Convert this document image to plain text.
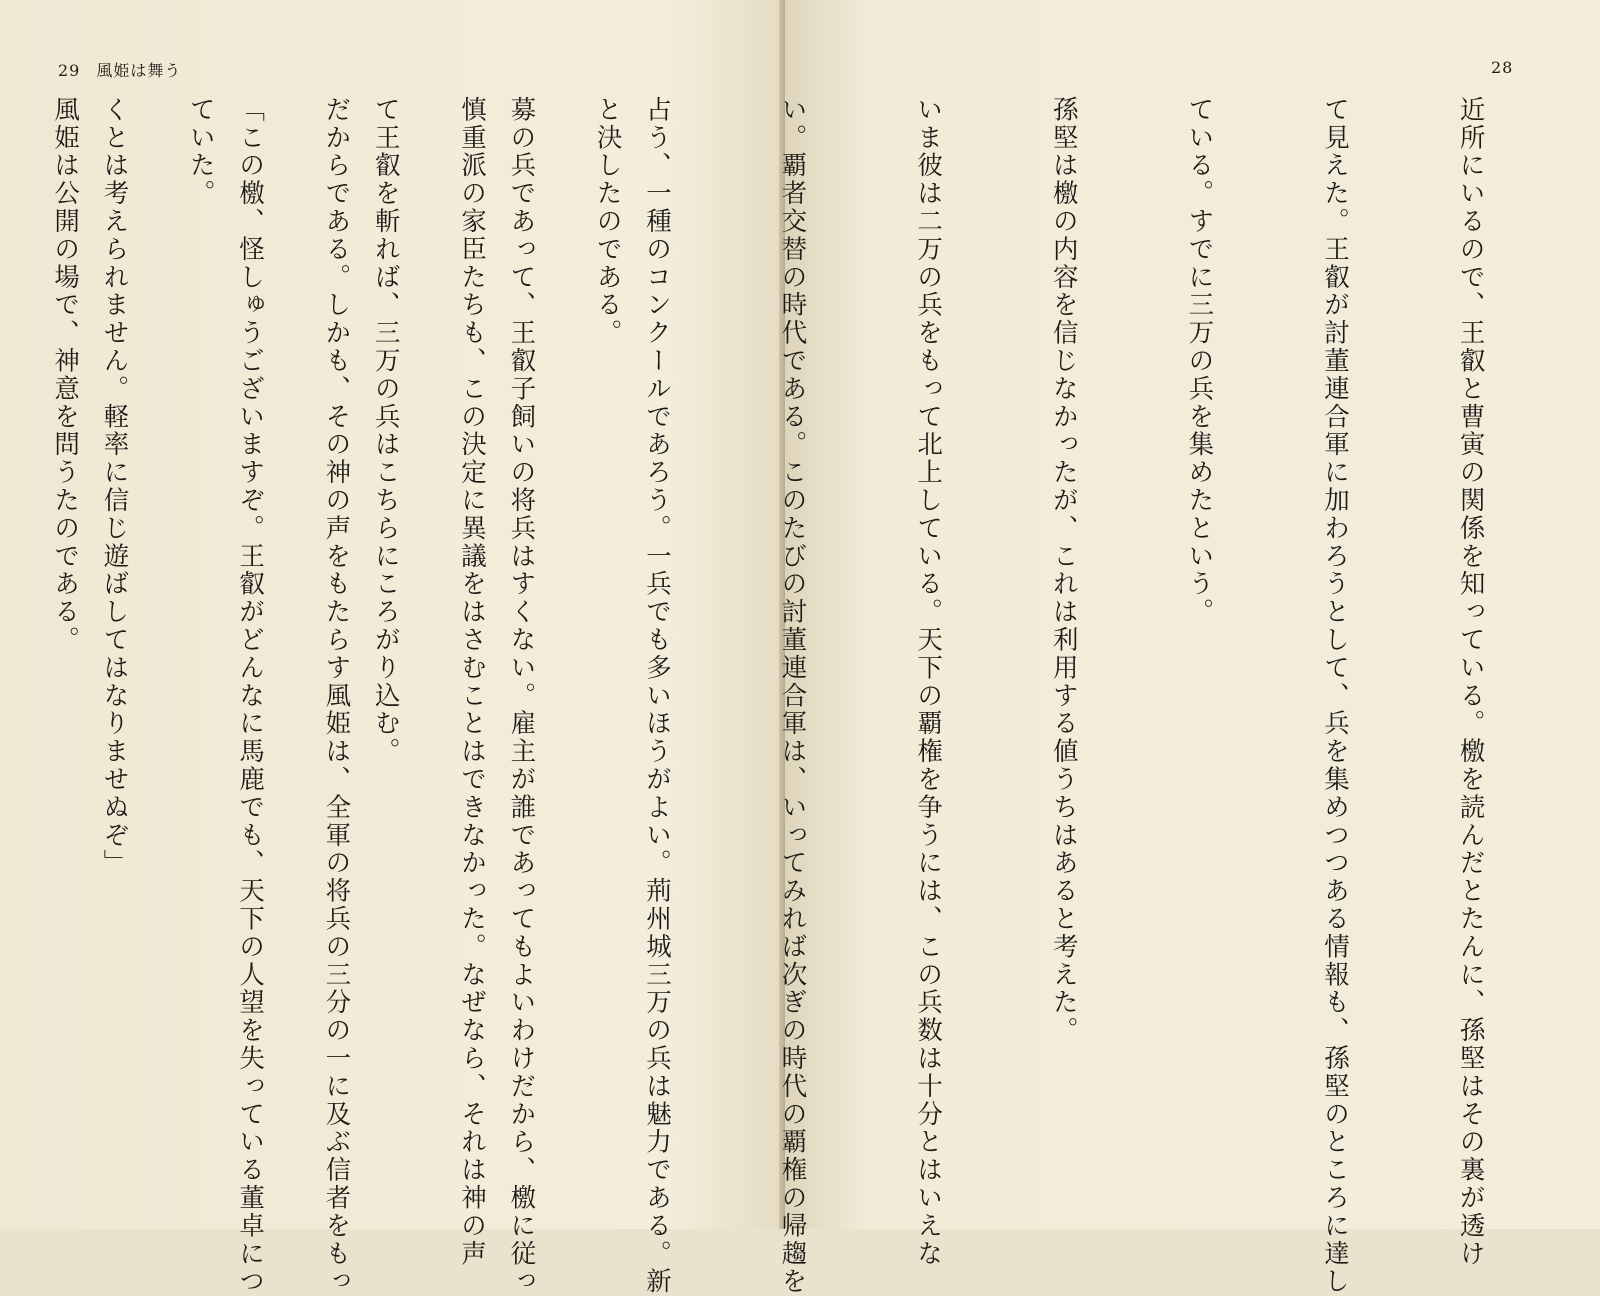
29 風姫は舞う

と決したのである。

慎重派の家臣たちも、この決定に異議をはさむことはできなかった。なぜなら、それは神の声

だからである。しかも、その神の声をもたらす風姫は、全軍の将兵の三分の一に及ぶ信者をもっ

ていた。

風姫は公開の場で、神意を問うたのである。

28

近所にいるので、王叡と曹寅の関係を知っている。檄を読んだとたんに、孫堅はその裏が透け

て見えた。王叡が討董連合軍に加わろうとして、兵を集めつつある情報も、孫堅のところに達し

ている。すでに三万の兵を集めたという。

孫堅は檄の内容を信じなかったが、これは利用する値うちはあると考えた。

いま彼は二万の兵をもって北上している。天下の覇権を争うには、この兵数は十分とはいえな

い。覇者交替の時代である。このたびの討董連合軍は、いってみれば次ぎの時代の覇権の帰趨を

占う、一種のコンクールであろう。一兵でも多いほうがよい。荊州城三万の兵は魅力である。新

募の兵であって、王叡子飼いの将兵はすくない。雇主が誰であってもよいわけだから、檄に従っ

て王叡を斬れば、三万の兵はこちらにころがり込む。

「この檄、怪しゅうございますぞ。王叡がどんなに馬鹿でも、天下の人望を失っている董卓につ

くとは考えられません。軽率に信じ遊ばしてはなりませぬぞ」
